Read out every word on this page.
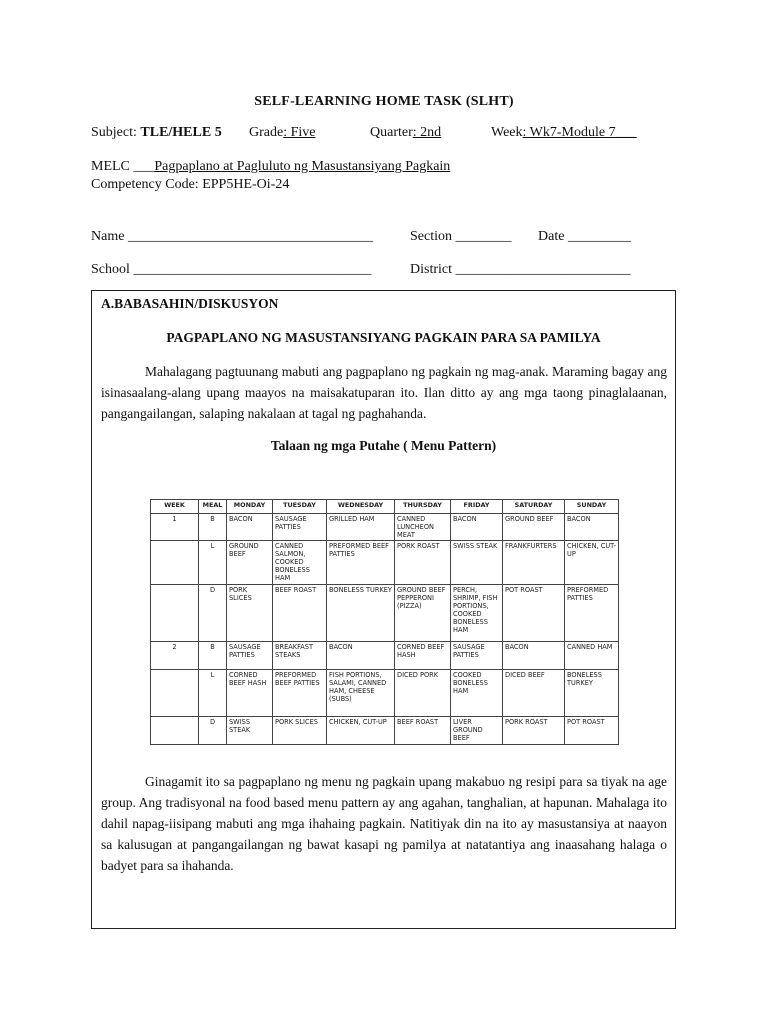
SELF-LEARNING HOME TASK (SLHT)
Subject: TLE/HELE 5 Grade: Five	Quarter: 2nd	Week: Wk7-Module 7___
MELC ___Pagpaplano at Pagluluto ng Masustansiyang Pagkain
Competency Code: EPP5HE-Oi-24
Name ___________________________________	Section ________ Date _________
School __________________________________	District _________________________
A.BABASAHIN/DISKUSYON
PAGPAPLANO NG MASUSTANSIYANG PAGKAIN PARA SA PAMILYA
Mahalagang pagtuunang mabuti ang pagpaplano ng pagkain ng mag-anak. Maraming bagay ang isinasaalang-alang upang maayos na maisakatuparan ito. Ilan ditto ay ang mga taong pinaglalaanan, pangangailangan, salaping nakalaan at tagal ng paghahanda.
Talaan ng mga Putahe ( Menu Pattern)
WEEK	MEAL	MONDAY	TUESDAY	WEDNESDAY	THURSDAY	FRIDAY	SATURDAY	SUNDAY
1	B	BACON	SAUSAGE PATTIES	GRILLED HAM	CANNED LUNCHEON MEAT	BACON	GROUND BEEF	BACON
	L	GROUND BEEF	CANNED SALMON, COOKED BONELESS HAM	PREFORMED BEEF PATTIES	PORK ROAST	SWISS STEAK	FRANKFURTERS	CHICKEN, CUT-UP
	D	PORK SLICES	BEEF ROAST	BONELESS TURKEY	GROUND BEEF PEPPERONI (PIZZA)	PERCH, SHRIMP, FISH PORTIONS, COOKED BONELESS HAM	POT ROAST	PREFORMED PATTIES
2	B	SAUSAGE PATTIES	BREAKFAST STEAKS	BACON	CORNED BEEF HASH	SAUSAGE PATTIES	BACON	CANNED HAM
	L	CORNED BEEF HASH	PREFORMED BEEF PATTIES	FISH PORTIONS, SALAMI, CANNED HAM, CHEESE (SUBS)	DICED PORK	COOKED BONELESS HAM	DICED BEEF	BONELESS TURKEY
	D	SWISS STEAK	PORK SLICES	CHICKEN, CUT-UP	BEEF ROAST	LIVER GROUND BEEF	PORK ROAST	POT ROAST
Ginagamit ito sa pagpaplano ng menu ng pagkain upang makabuo ng resipi para sa tiyak na age group. Ang tradisyonal na food based menu pattern ay ang agahan, tanghalian, at hapunan. Mahalaga ito dahil napag-iisipang mabuti ang mga ihahaing pagkain. Natitiyak din na ito ay masustansiya at naayon sa kalusugan at pangangailangan ng bawat kasapi ng pamilya at natatantiya ang inaasahang halaga o badyet para sa ihahanda.
